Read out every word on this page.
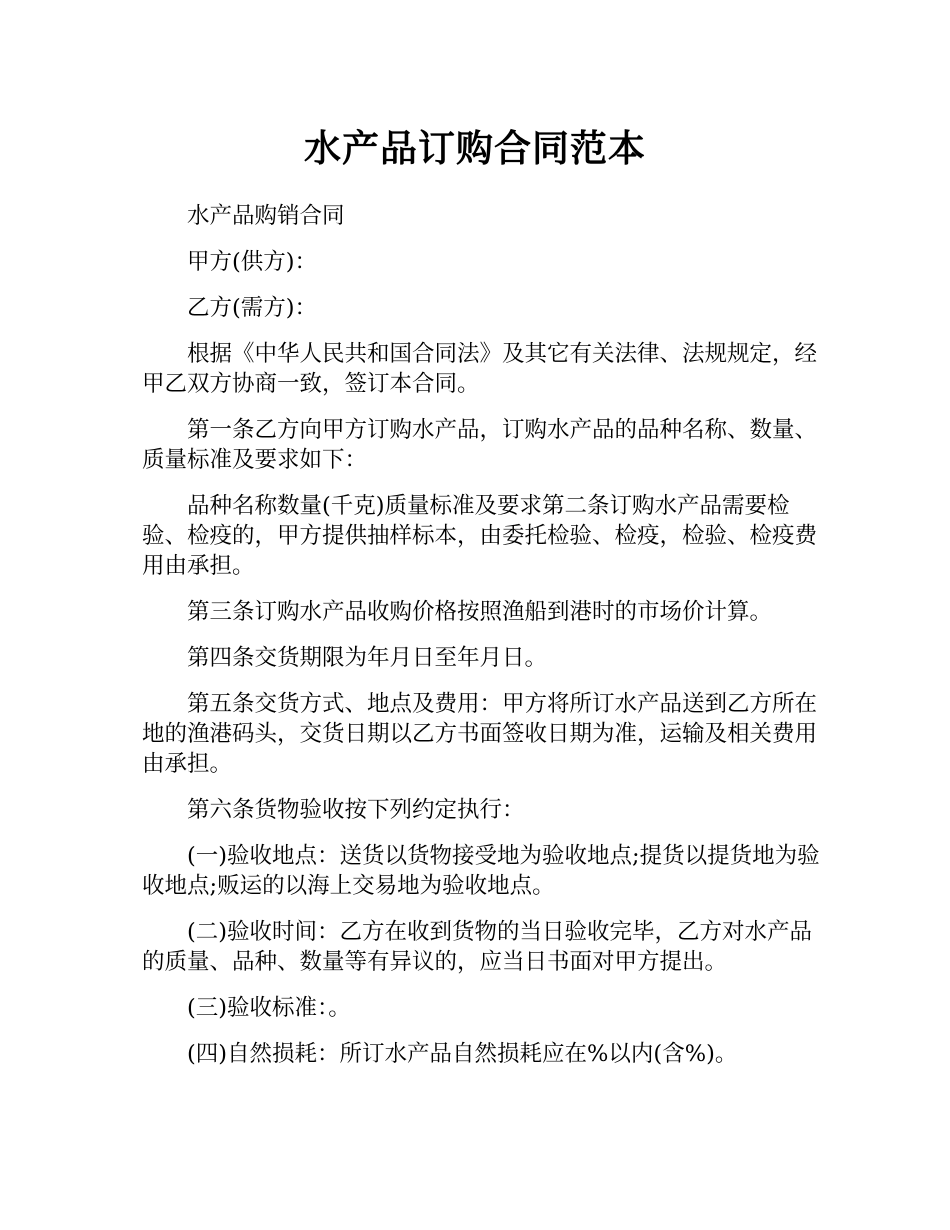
水产品订购合同范本

水产品购销合同

甲方(供方)：

乙方(需方)：

根据《中华人民共和国合同法》及其它有关法律、法规规定，经甲乙双方协商一致，签订本合同。

第一条乙方向甲方订购水产品，订购水产品的品种名称、数量、质量标准及要求如下：

品种名称数量(千克)质量标准及要求第二条订购水产品需要检验、检疫的，甲方提供抽样标本，由委托检验、检疫，检验、检疫费用由承担。

第三条订购水产品收购价格按照渔船到港时的市场价计算。

第四条交货期限为年月日至年月日。

第五条交货方式、地点及费用：甲方将所订水产品送到乙方所在地的渔港码头，交货日期以乙方书面签收日期为准，运输及相关费用由承担。

第六条货物验收按下列约定执行：

(一)验收地点：送货以货物接受地为验收地点;提货以提货地为验收地点;贩运的以海上交易地为验收地点。

(二)验收时间：乙方在收到货物的当日验收完毕，乙方对水产品的质量、品种、数量等有异议的，应当日书面对甲方提出。

(三)验收标准：。

(四)自然损耗：所订水产品自然损耗应在%以内(含%)。
